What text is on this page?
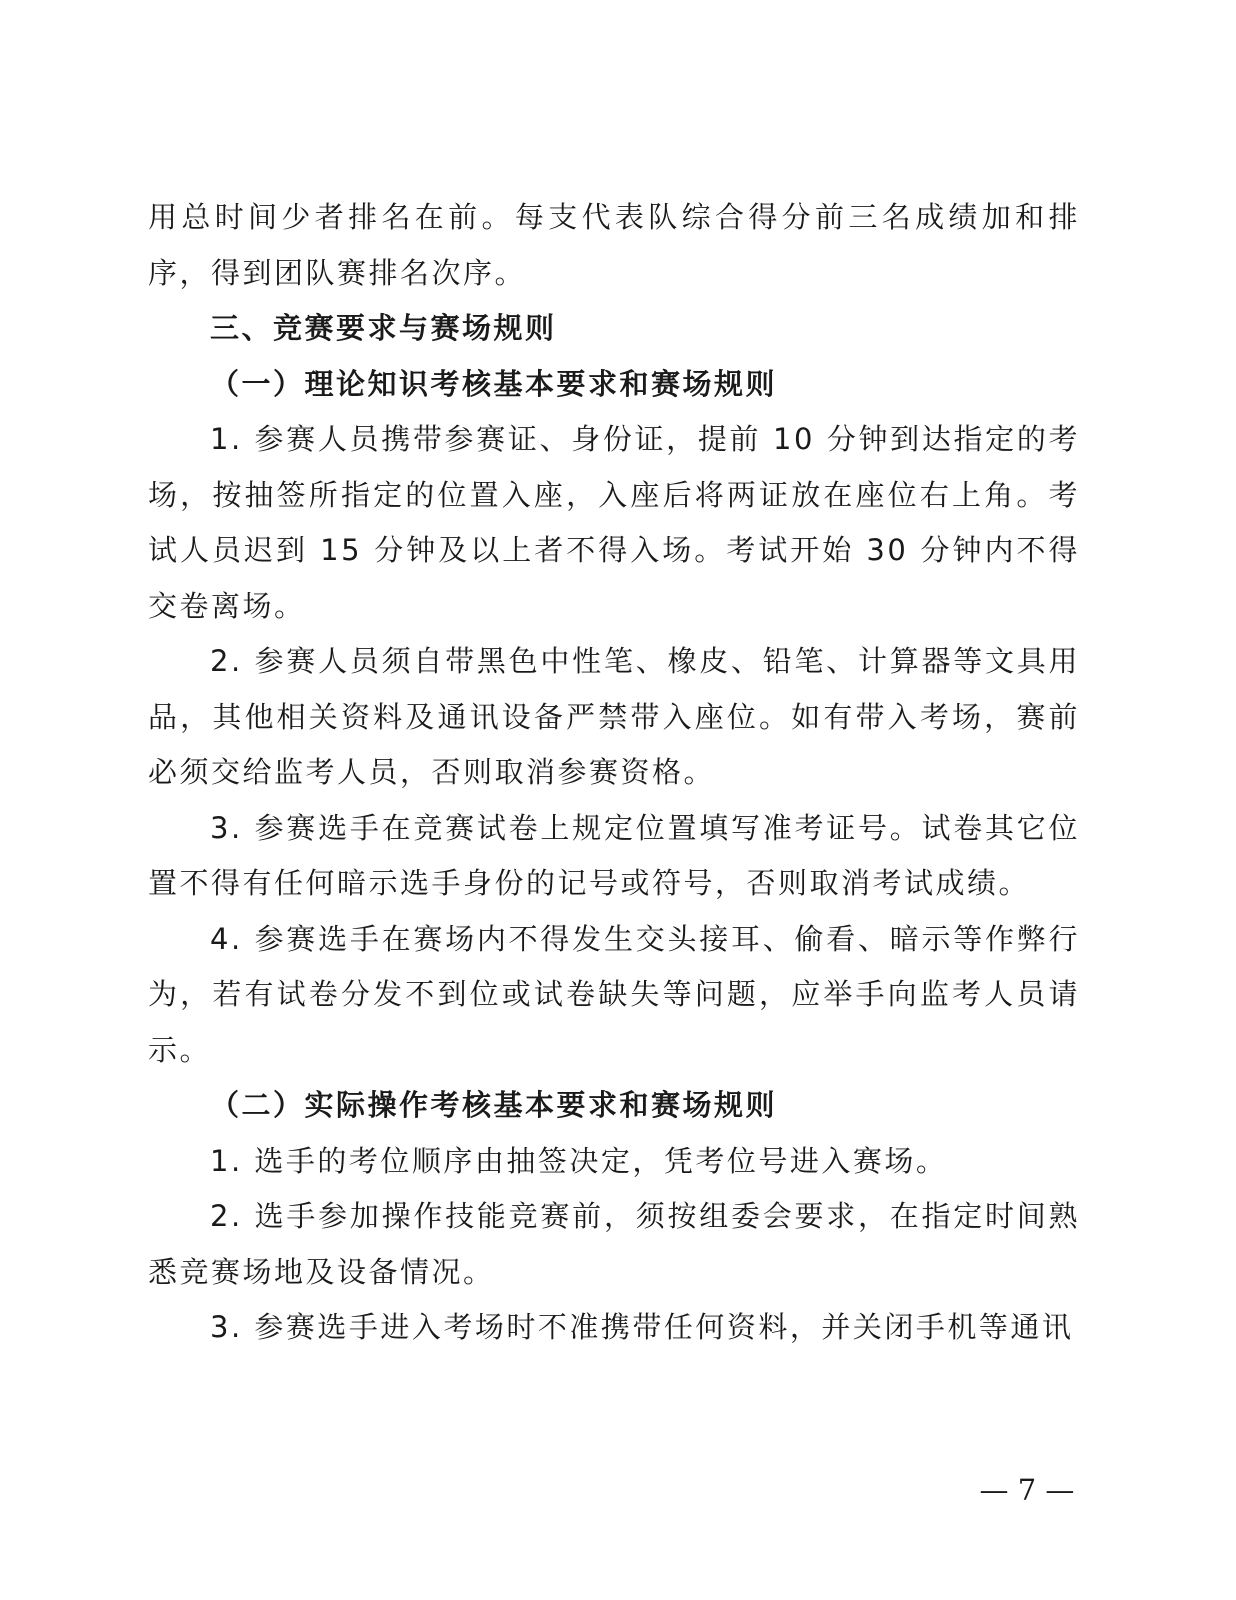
用总时间少者排名在前。每支代表队综合得分前三名成绩加和排序，得到团队赛排名次序。

三、竞赛要求与赛场规则

（一）理论知识考核基本要求和赛场规则

1. 参赛人员携带参赛证、身份证，提前 10 分钟到达指定的考场，按抽签所指定的位置入座，入座后将两证放在座位右上角。考试人员迟到 15 分钟及以上者不得入场。考试开始 30 分钟内不得交卷离场。

2. 参赛人员须自带黑色中性笔、橡皮、铅笔、计算器等文具用品，其他相关资料及通讯设备严禁带入座位。如有带入考场，赛前必须交给监考人员，否则取消参赛资格。

3. 参赛选手在竞赛试卷上规定位置填写准考证号。试卷其它位置不得有任何暗示选手身份的记号或符号，否则取消考试成绩。

4. 参赛选手在赛场内不得发生交头接耳、偷看、暗示等作弊行为，若有试卷分发不到位或试卷缺失等问题，应举手向监考人员请示。

（二）实际操作考核基本要求和赛场规则

1. 选手的考位顺序由抽签决定，凭考位号进入赛场。

2. 选手参加操作技能竞赛前，须按组委会要求，在指定时间熟悉竞赛场地及设备情况。

3. 参赛选手进入考场时不准携带任何资料，并关闭手机等通讯

— 7 —
